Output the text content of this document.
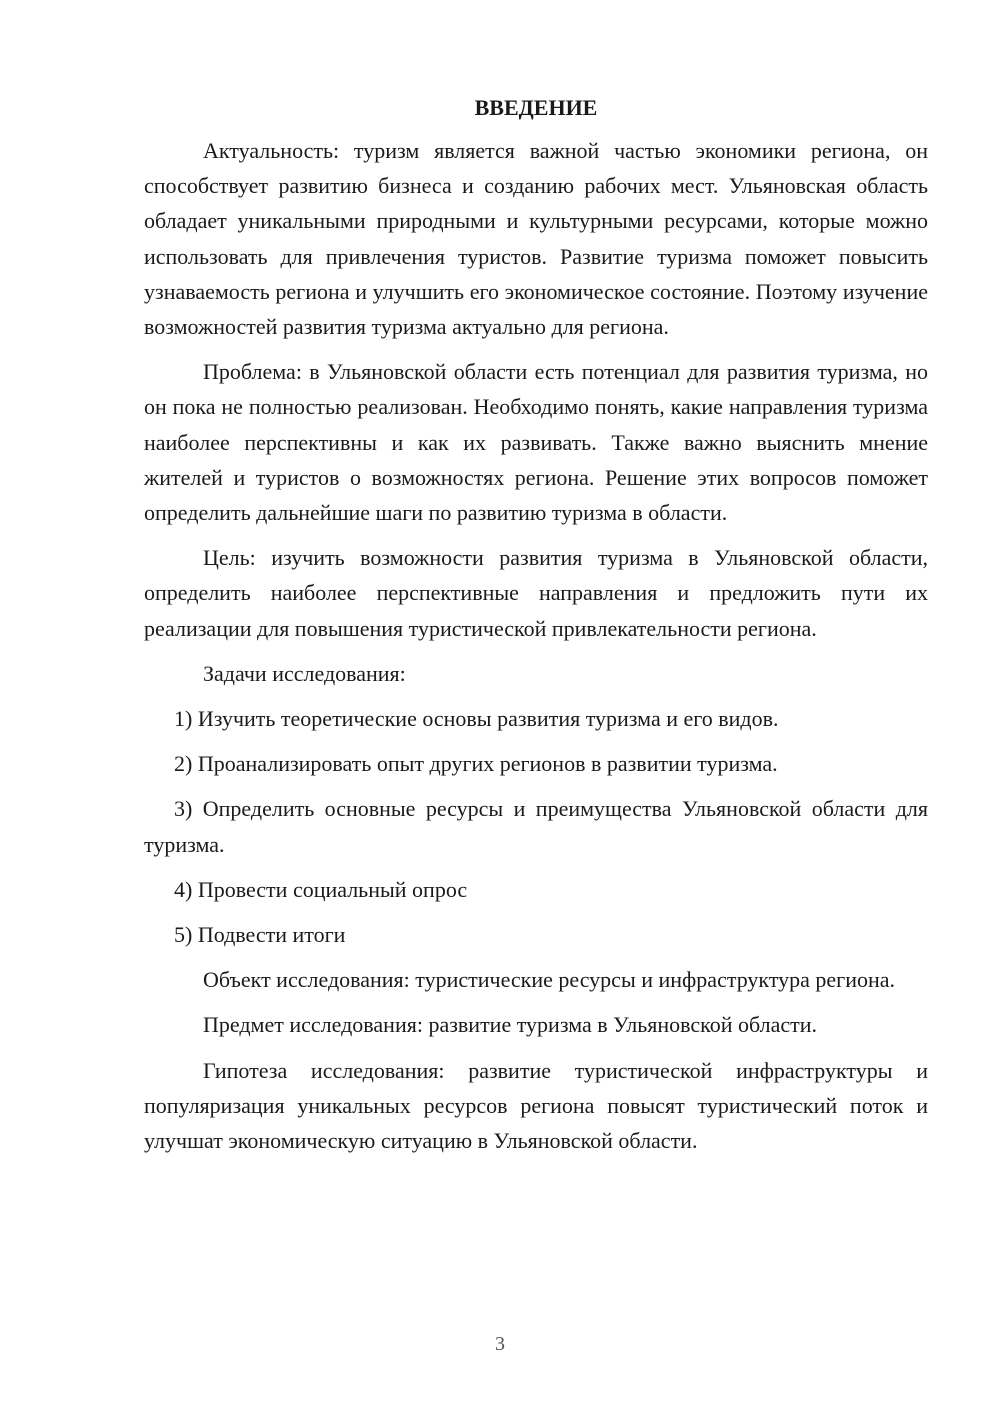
ВВЕДЕНИЕ

Актуальность: туризм является важной частью экономики региона, он способствует развитию бизнеса и созданию рабочих мест. Ульяновская область обладает уникальными природными и культурными ресурсами, которые можно использовать для привлечения туристов. Развитие туризма поможет повысить узнаваемость региона и улучшить его экономическое состояние. Поэтому изучение возможностей развития туризма актуально для региона.

Проблема: в Ульяновской области есть потенциал для развития туризма, но он пока не полностью реализован. Необходимо понять, какие направления туризма наиболее перспективны и как их развивать. Также важно выяснить мнение жителей и туристов о возможностях региона. Решение этих вопросов поможет определить дальнейшие шаги по развитию туризма в области.

Цель: изучить возможности развития туризма в Ульяновской области, определить наиболее перспективные направления и предложить пути их реализации для повышения туристической привлекательности региона.

Задачи исследования:

1) Изучить теоретические основы развития туризма и его видов.

2) Проанализировать опыт других регионов в развитии туризма.

3) Определить основные ресурсы и преимущества Ульяновской области для туризма.

4) Провести социальный опрос

5) Подвести итоги

Объект исследования: туристические ресурсы и инфраструктура региона.

Предмет исследования: развитие туризма в Ульяновской области.

Гипотеза исследования: развитие туристической инфраструктуры и популяризация уникальных ресурсов региона повысят туристический поток и улучшат экономическую ситуацию в Ульяновской области.

3
